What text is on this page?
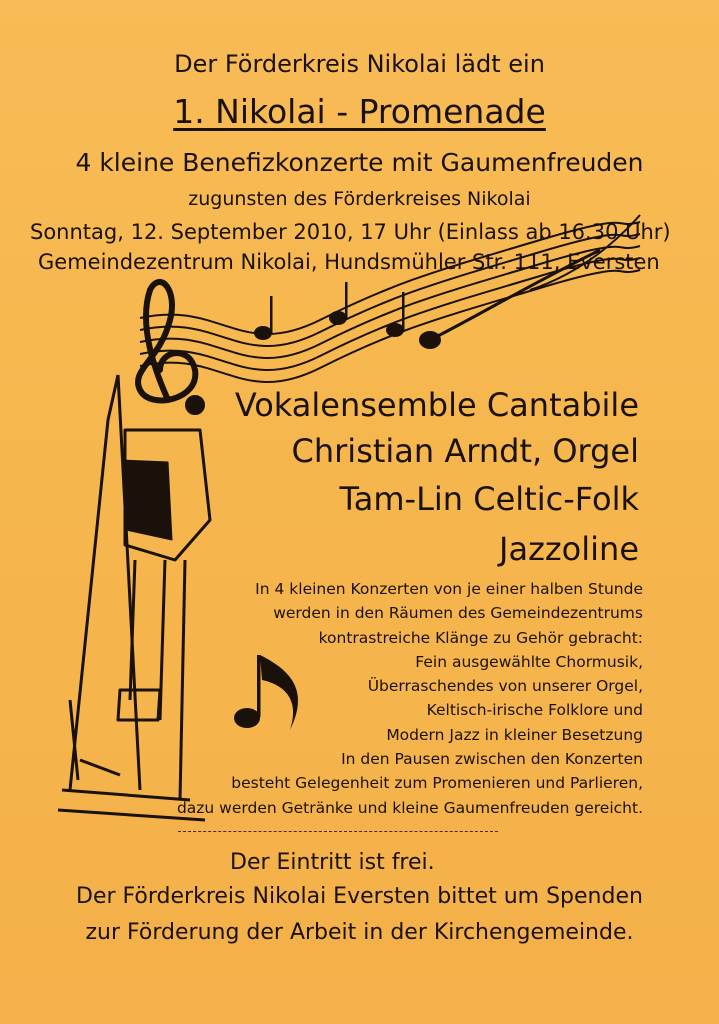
Der Förderkreis Nikolai lädt ein
1. Nikolai - Promenade
4 kleine Benefizkonzerte mit Gaumenfreuden
zugunsten des Förderkreises Nikolai
Sonntag, 12. September 2010, 17 Uhr (Einlass ab 16.30 Uhr)
Gemeindezentrum Nikolai, Hundsmühler Str. 111, Eversten
Vokalensemble Cantabile
Christian Arndt, Orgel
Tam-Lin Celtic-Folk
Jazzoline
In 4 kleinen Konzerten von je einer halben Stunde
werden in den Räumen des Gemeindezentrums
kontrastreiche Klänge zu Gehör gebracht:
Fein ausgewählte Chormusik,
Überraschendes von unserer Orgel,
Keltisch-irische Folklore und
Modern Jazz in kleiner Besetzung
In den Pausen zwischen den Konzerten
besteht Gelegenheit zum Promenieren und Parlieren,
dazu werden Getränke und kleine Gaumenfreuden gereicht.
Der Eintritt ist frei.
Der Förderkreis Nikolai Eversten bittet um Spenden
zur Förderung der Arbeit in der Kirchengemeinde.
